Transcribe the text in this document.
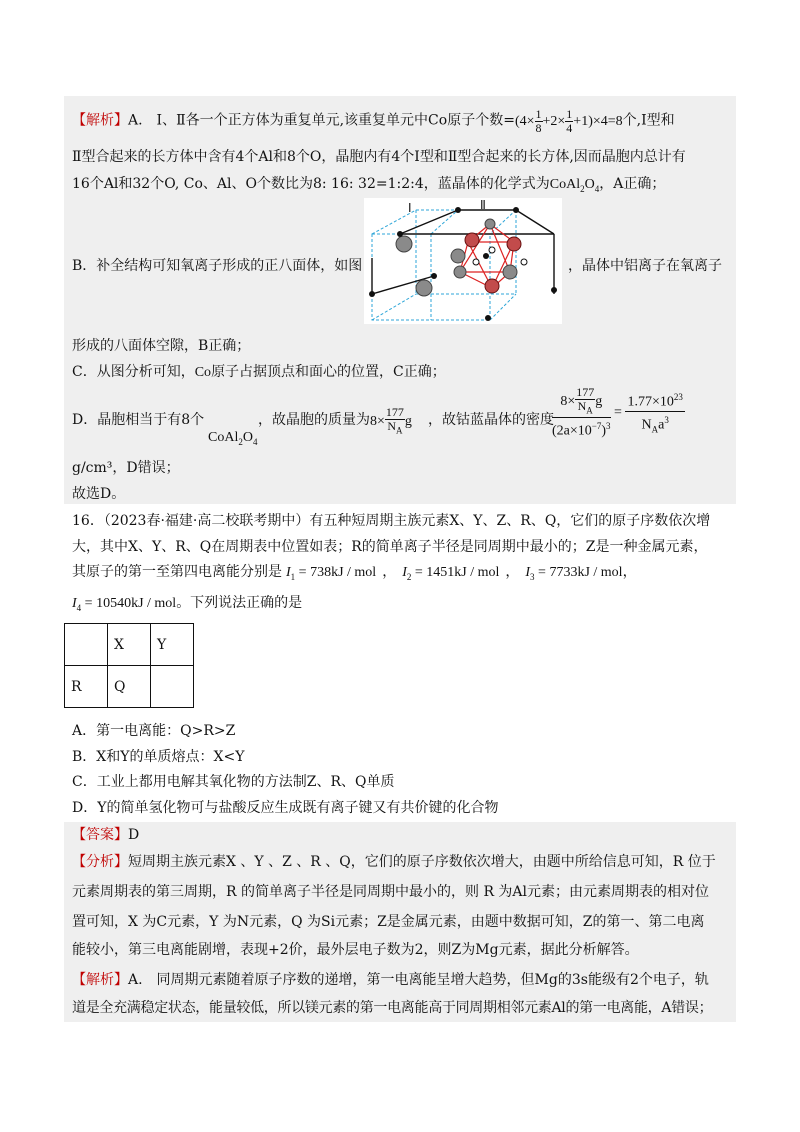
【解析】A.　Ⅰ、Ⅱ各一个正方体为重复单元,该重复单元中Co原子个数$=(4\times \frac{1}{8} +2\times \frac{1}{4} +1)\times 4=8$个,Ⅰ型和
Ⅱ型合起来的长方体中含有4个Al和8个O，晶胞内有4个Ⅰ型和Ⅱ型合起来的长方体,因而晶胞内总计有
16个Al和32个O, Co、Al、O个数比为8: 16: 32=1:2:4，蓝晶体的化学式为$CoAl_2O_4$，A正确；
B．补全结构可知氧离子形成的正八面体，如图
Ⅰ	Ⅱ
，晶体中铝离子在氧离子
形成的八面体空隙，B正确；
C．从图分析可知，Co原子占据顶点和面心的位置，C正确；
D．晶胞相当于有8个
$CoAl_2O_4$
，故晶胞的质量为 $8\times \frac{177}{N_A}$ g ，故钴蓝晶体的密度
$8\times \frac{177}{N_A}$ g
$(2a\times 10^{-7})^3$
=
$1.77\times 10^{23}$
$N_Aa^3$
g/cm³，D错误；
故选D。
16．（2023春·福建·高二校联考期中）有五种短周期主族元素X、Y、Z、R、Q，它们的原子序数依次增
大，其中X、Y、R、Q在周期表中位置如表；R的简单离子半径是同周期中最小的；Z是一种金属元素，
其原子的第一至第四电离能分别是 $I_1 = 738kJ$ / mol ， $I_2 = 1451kJ$ / mol ， $I_3 = 7733kJ$ / mol，
$I_4 = 10540kJ$ / mol。下列说法正确的是
	X	Y
R	Q	
A．第一电离能：Q>R>Z
B．X和Y的单质熔点：X<Y
C．工业上都用电解其氧化物的方法制Z、R、Q单质
D．Y的简单氢化物可与盐酸反应生成既有离子键又有共价键的化合物
【答案】D
【分析】短周期主族元素X 、Y 、Z 、R 、Q，它们的原子序数依次增大，由题中所给信息可知，R 位于
元素周期表的第三周期，R 的简单离子半径是同周期中最小的，则 R 为Al元素；由元素周期表的相对位
置可知，X 为C元素，Y 为N元素，Q 为Si元素；Z是金属元素，由题中数据可知，Z的第一、第二电离
能较小，第三电离能剧增，表现+2价，最外层电子数为2，则Z为Mg元素，据此分析解答。
【解析】A.　同周期元素随着原子序数的递增，第一电离能呈增大趋势，但Mg的3s能级有2个电子，轨
道是全充满稳定状态，能量较低，所以镁元素的第一电离能高于同周期相邻元素Al的第一电离能，A错误；
